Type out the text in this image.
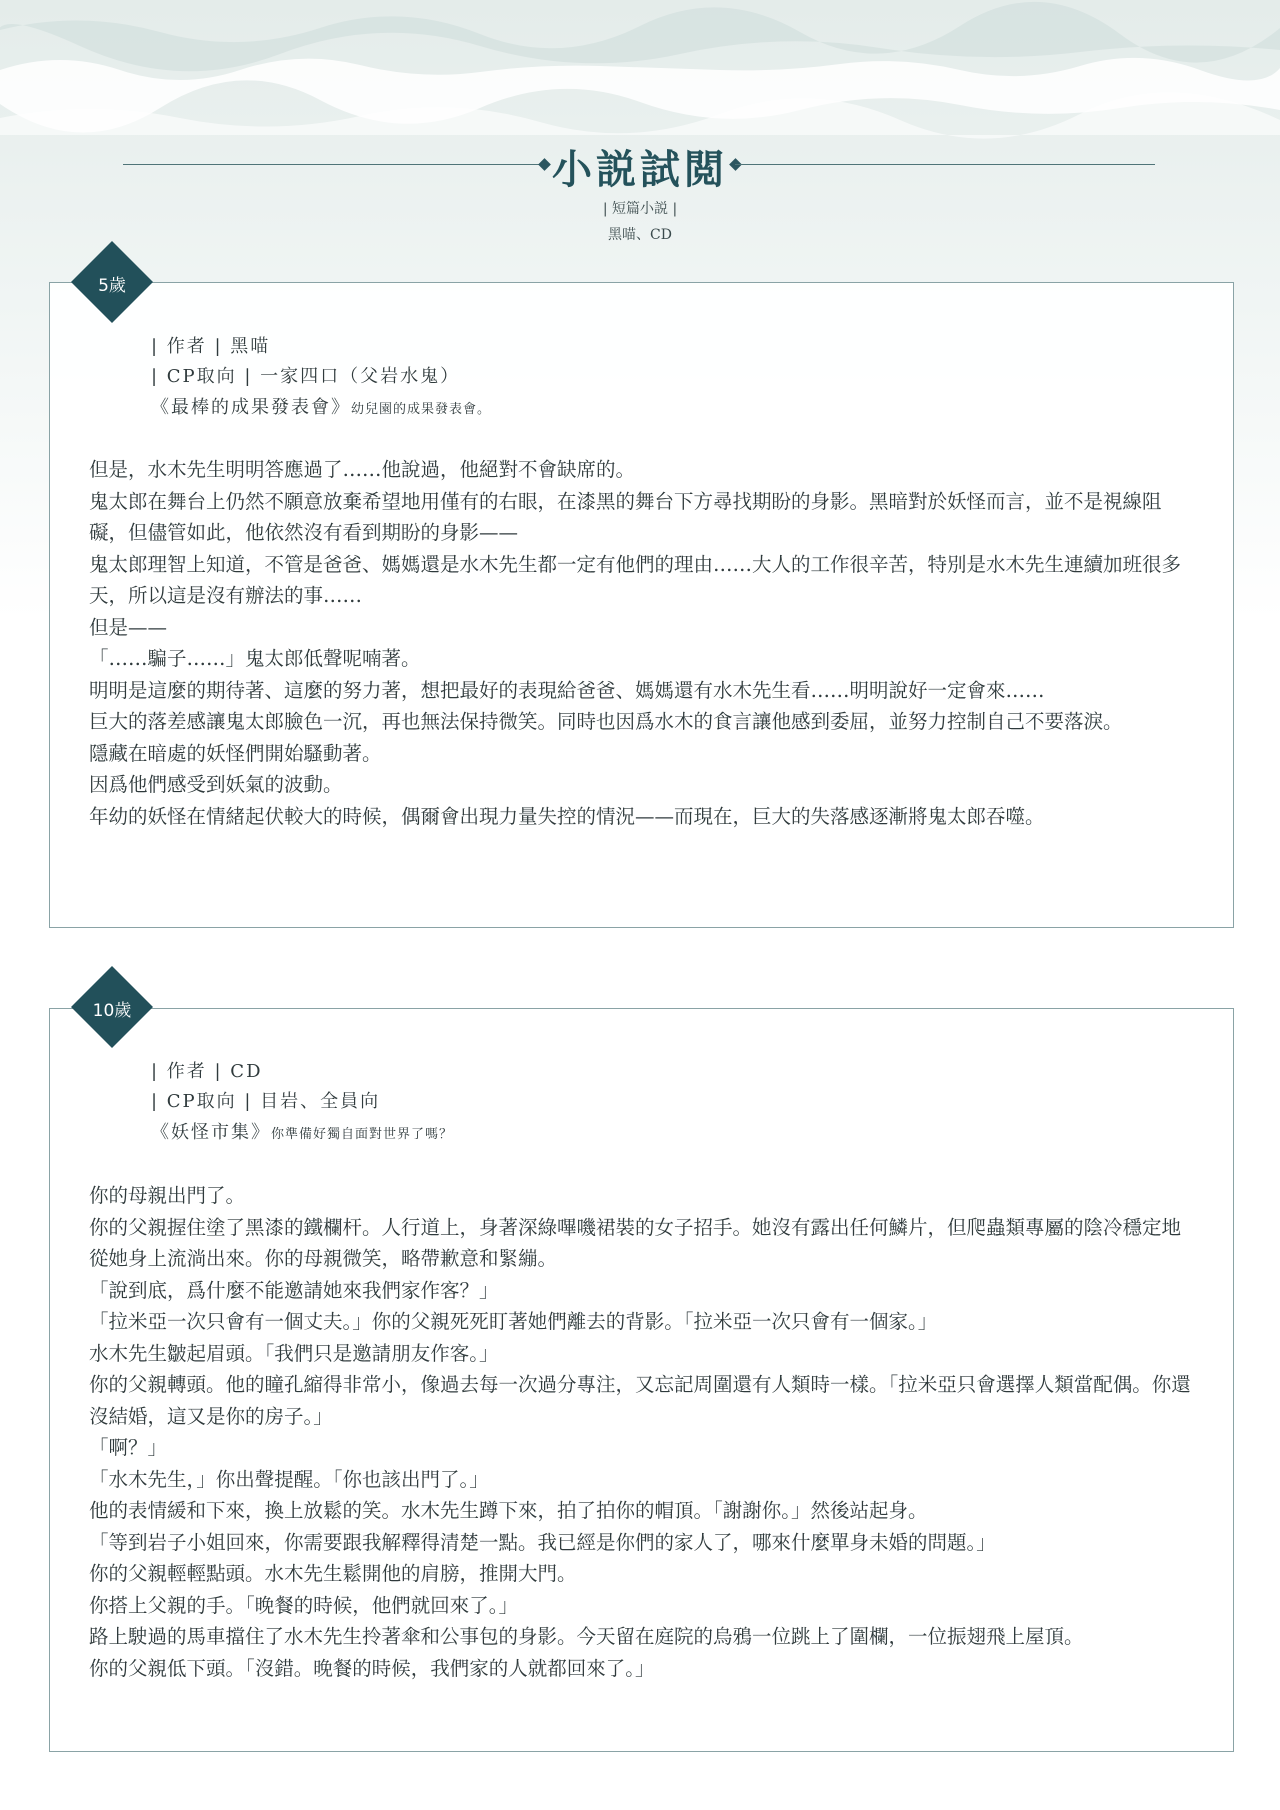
小説試閲
| 短篇小説 |
黑喵、CD
5歲
| 作者 | 黑喵
| CP取向 | 一家四口（父岩水鬼）
《最棒的成果發表會》幼兒園的成果發表會。

但是，水木先生明明答應過了……他說過，他絕對不會缺席的。

鬼太郎在舞台上仍然不願意放棄希望地用僅有的右眼，在漆黑的舞台下方尋找期盼的身影。黑暗對於妖怪而言，並不是視線阻礙，但儘管如此，他依然沒有看到期盼的身影——

鬼太郎理智上知道，不管是爸爸、媽媽還是水木先生都一定有他們的理由……大人的工作很辛苦，特別是水木先生連續加班很多天，所以這是沒有辦法的事……

但是——

「……騙子……」鬼太郎低聲呢喃著。

明明是這麼的期待著、這麼的努力著，想把最好的表現給爸爸、媽媽還有水木先生看……明明說好一定會來……

巨大的落差感讓鬼太郎臉色一沉，再也無法保持微笑。同時也因爲水木的食言讓他感到委屈，並努力控制自己不要落淚。

隱藏在暗處的妖怪們開始騷動著。

因爲他們感受到妖氣的波動。

年幼的妖怪在情緒起伏較大的時候，偶爾會出現力量失控的情況——而現在，巨大的失落感逐漸將鬼太郎吞噬。

10歲
| 作者 | CD
| CP取向 | 目岩、全員向
《妖怪市集》你準備好獨自面對世界了嗎？

你的母親出門了。

你的父親握住塗了黑漆的鐵欄杆。人行道上，身著深綠嗶嘰裙裝的女子招手。她沒有露出任何鱗片，但爬蟲類專屬的陰冷穩定地從她身上流淌出來。你的母親微笑，略帶歉意和緊繃。

「說到底，爲什麼不能邀請她來我們家作客？」

「拉米亞一次只會有一個丈夫。」你的父親死死盯著她們離去的背影。「拉米亞一次只會有一個家。」

水木先生皺起眉頭。「我們只是邀請朋友作客。」

你的父親轉頭。他的瞳孔縮得非常小，像過去每一次過分專注，又忘記周圍還有人類時一樣。「拉米亞只會選擇人類當配偶。你還沒結婚，這又是你的房子。」

「啊？」

「水木先生，」你出聲提醒。「你也該出門了。」

他的表情緩和下來，換上放鬆的笑。水木先生蹲下來，拍了拍你的帽頂。「謝謝你。」然後站起身。

「等到岩子小姐回來，你需要跟我解釋得清楚一點。我已經是你們的家人了，哪來什麼單身未婚的問題。」

你的父親輕輕點頭。水木先生鬆開他的肩膀，推開大門。

你搭上父親的手。「晚餐的時候，他們就回來了。」

路上駛過的馬車擋住了水木先生拎著傘和公事包的身影。今天留在庭院的烏鴉一位跳上了圍欄，一位振翅飛上屋頂。

你的父親低下頭。「沒錯。晚餐的時候，我們家的人就都回來了。」
